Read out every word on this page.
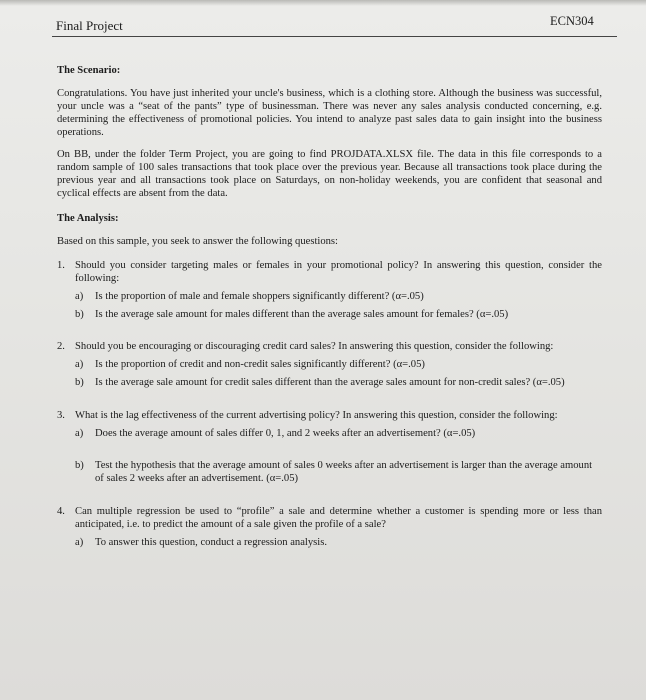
Final Project	ECN304

The Scenario:

Congratulations. You have just inherited your uncle's business, which is a clothing store. Although the business was successful, your uncle was a “seat of the pants” type of businessman. There was never any sales analysis conducted concerning, e.g. determining the effectiveness of promotional policies. You intend to analyze past sales data to gain insight into the business operations.

On BB, under the folder Term Project, you are going to find PROJDATA.XLSX file. The data in this file corresponds to a random sample of 100 sales transactions that took place over the previous year. Because all transactions took place during the previous year and all transactions took place on Saturdays, on non-holiday weekends, you are confident that seasonal and cyclical effects are absent from the data.

The Analysis:

Based on this sample, you seek to answer the following questions:

1. Should you consider targeting males or females in your promotional policy? In answering this question, consider the following:

a)	Is the proportion of male and female shoppers significantly different? (α=.05)
b)	Is the average sale amount for males different than the average sales amount for females? (α=.05)
2. Should you be encouraging or discouraging credit card sales? In answering this question, consider the following:

a)	Is the proportion of credit and non-credit sales significantly different? (α=.05)
b)	Is the average sale amount for credit sales different than the average sales amount for non-credit sales? (α=.05)
3. What is the lag effectiveness of the current advertising policy? In answering this question, consider the following:

a)	Does the average amount of sales differ 0, 1, and 2 weeks after an advertisement? (α=.05)
b)	Test the hypothesis that the average amount of sales 0 weeks after an advertisement is larger than the average amount of sales 2 weeks after an advertisement. (α=.05)
4. Can multiple regression be used to “profile” a sale and determine whether a customer is spending more or less than anticipated, i.e. to predict the amount of a sale given the profile of a sale?

a)	To answer this question, conduct a regression analysis.
